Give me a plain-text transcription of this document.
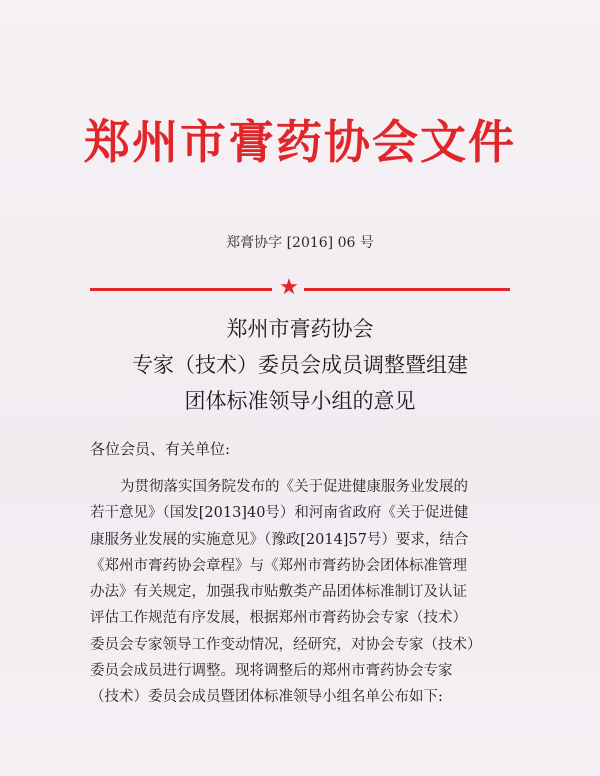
郑州市膏药协会文件
郑膏协字 [2016] 06 号
★
郑州市膏药协会
专家（技术）委员会成员调整暨组建
团体标准领导小组的意见
各位会员、有关单位:
为贯彻落实国务院发布的《关于促进健康服务业发展的
若干意见》（国发[2013]40号）和河南省政府《关于促进健
康服务业发展的实施意见》（豫政[2014]57号）要求，结合
《郑州市膏药协会章程》与《郑州市膏药协会团体标准管理
办法》有关规定，加强我市贴敷类产品团体标准制订及认证
评估工作规范有序发展，根据郑州市膏药协会专家（技术）
委员会专家领导工作变动情况，经研究，对协会专家（技术）
委员会成员进行调整。现将调整后的郑州市膏药协会专家
（技术）委员会成员暨团体标准领导小组名单公布如下:
